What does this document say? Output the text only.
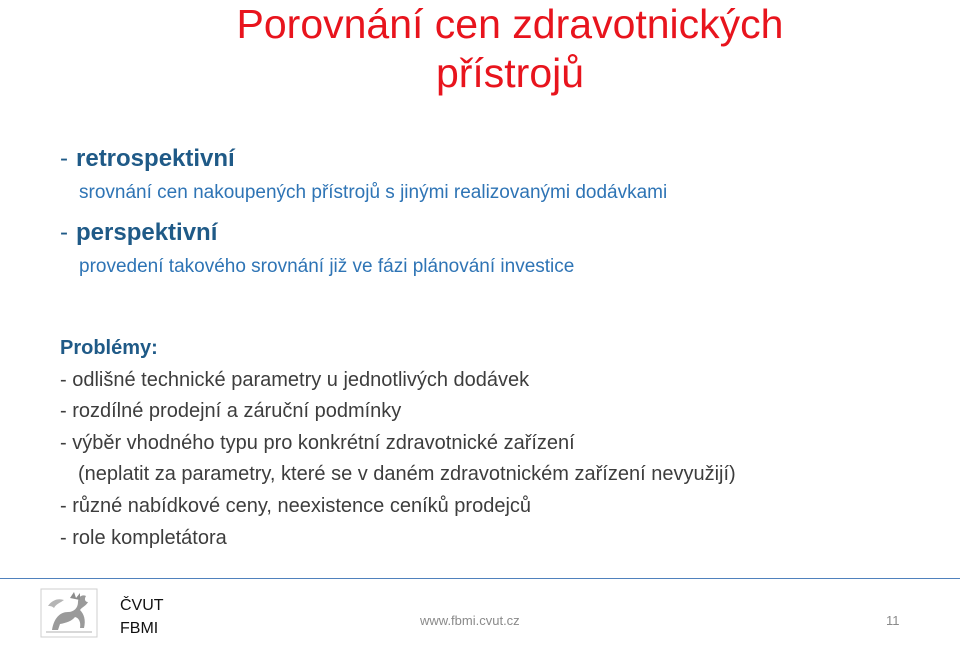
Porovnání cen zdravotnických
přístrojů

- retrospektivní

srovnání cen nakoupených přístrojů s jinými realizovanými dodávkami

- perspektivní

provedení takového srovnání již ve fázi plánování investice

Problémy:
- odlišné technické parametry u jednotlivých dodávek
- rozdílné prodejní a záruční podmínky
- výběr vhodného typu pro konkrétní zdravotnické zařízení
(neplatit za parametry, které se v daném zdravotnickém zařízení nevyužijí)
- různé nabídkové ceny, neexistence ceníků prodejců
- role kompletátora
ČVUT
FBMI	www.fbmi.cvut.cz	11
